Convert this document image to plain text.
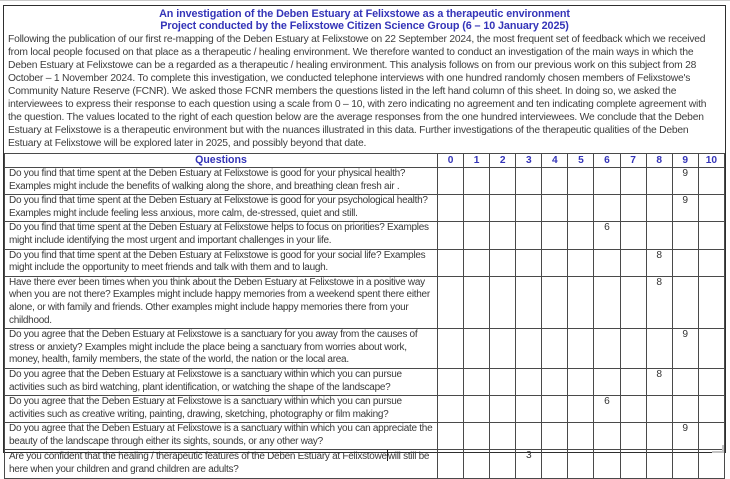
An investigation of the Deben Estuary at Felixstowe as a therapeutic environment
Project conducted by the Felixstowe Citizen Science Group (6 – 10 January 2025)
Following the publication of our first re-mapping of the Deben Estuary at Felixstowe on 22 September 2024, the most frequent set of feedback which we received from local people focused on that place as a therapeutic / healing environment. We therefore wanted to conduct an investigation of the main ways in which the Deben Estuary at Felixstowe can be a regarded as a therapeutic / healing environment. This analysis follows on from our previous work on this subject from 28 October – 1 November 2024. To complete this investigation, we conducted telephone interviews with one hundred randomly chosen members of Felixstowe's Community Nature Reserve (FCNR). We asked those FCNR members the questions listed in the left hand column of this sheet. In doing so, we asked the interviewees to express their response to each question using a scale from 0 – 10, with zero indicating no agreement and ten indicating complete agreement with the question. The values located to the right of each question below are the average responses from the one hundred interviewees. We conclude that the Deben Estuary at Felixstowe is a therapeutic environment but with the nuances illustrated in this data. Further investigations of the therapeutic qualities of the Deben Estuary at Felixstowe will be explored later in 2025, and possibly beyond that date.
Questions	0	1	2	3	4	5	6	7	8	9	10
Do you find that time spent at the Deben Estuary at Felixstowe is good for your physical health? Examples might include the benefits of walking along the shore, and breathing clean fresh air .										9	
Do you find that time spent at the Deben Estuary at Felixstowe is good for your psychological health? Examples might include feeling less anxious, more calm, de-stressed, quiet and still.										9	
Do you find that time spent at the Deben Estuary at Felixstowe helps to focus on priorities? Examples might include identifying the most urgent and important challenges in your life.							6				
Do you find that time spent at the Deben Estuary at Felixstowe is good for your social life? Examples might include the opportunity to meet friends and talk with them and to laugh.									8		
Have there ever been times when you think about the Deben Estuary at Felixstowe in a positive way when you are not there? Examples might include happy memories from a weekend spent there either alone, or with family and friends. Other examples might include happy memories there from your childhood.									8		
Do you agree that the Deben Estuary at Felixstowe is a sanctuary for you away from the causes of stress or anxiety? Examples might include the place being a sanctuary from worries about work, money, health, family members, the state of the world, the nation or the local area.										9	
Do you agree that the Deben Estuary at Felixstowe is a sanctuary within which you can pursue activities such as bird watching, plant identification, or watching the shape of the landscape?									8		
Do you agree that the Deben Estuary at Felixstowe is a sanctuary within which you can pursue activities such as creative writing, painting, drawing, sketching, photography or film making?							6				
Do you agree that the Deben Estuary at Felixstowe is a sanctuary within which you can appreciate the beauty of the landscape through either its sights, sounds, or any other way?										9	
Are you confident that the healing / therapeutic features of the Deben Estuary at Felixstowewill still be here when your children and grand children are adults?				3							
